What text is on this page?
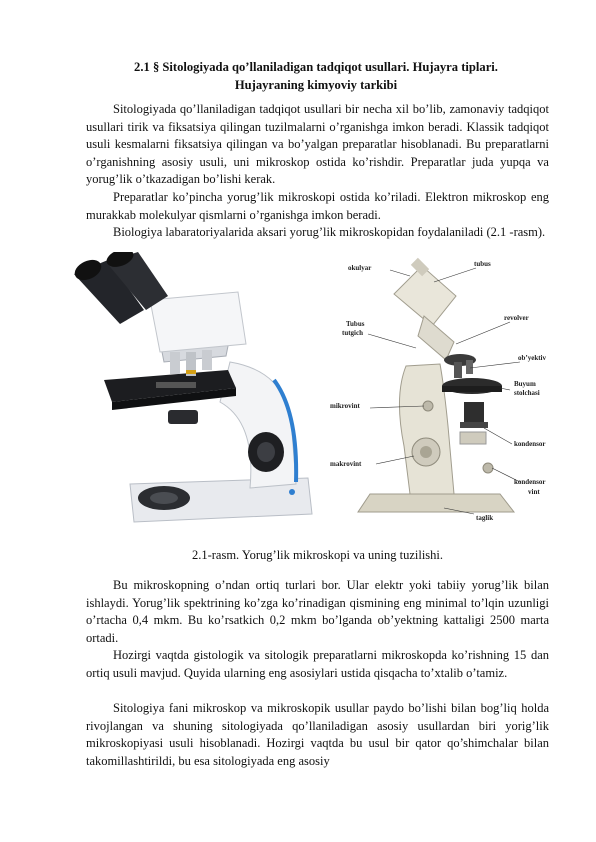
2.1 § Sitologiyada qo’llaniladigan tadqiqot usullari. Hujayra tiplari.
Hujayraning kimyoviy tarkibi

Sitologiyada qo’llaniladigan tadqiqot usullari bir necha xil bo’lib, zamonaviy tadqiqot usullari tirik va fiksatsiya qilingan tuzilmalarni o’rganishga imkon beradi. Klassik tadqiqot usuli kesmalarni fiksatsiya qilingan va bo’yalgan preparatlar hisoblanadi. Bu preparatlarni o’rganishning asosiy usuli, uni mikroskop ostida ko’rishdir. Preparatlar juda yupqa va yorug’lik o’tkazadigan bo’lishi kerak.

Preparatlar ko’pincha yorug’lik mikroskopi ostida ko’riladi. Elektron mikroskop eng murakkab molekulyar qismlarni o’rganishga imkon beradi.

Biologiya labaratoriyalarida aksari yorug’lik mikroskopidan foydalaniladi (2.1 -rasm).

okulyar	tubus
Tubus
tutgich
revolver
ob’yektiv
mikrovint
Buyum
stolchasi
kondensor
makrovint
kondensor
vint
taglik
2.1-rasm. Yorug’lik mikroskopi va uning tuzilishi.

Bu mikroskopning o’ndan ortiq turlari bor. Ular elektr yoki tabiiy yorug’lik bilan ishlaydi. Yorug’lik spektrining ko’zga ko’rinadigan qismining eng minimal to’lqin uzunligi o’rtacha 0,4 mkm. Bu ko’rsatkich 0,2 mkm bo’lganda ob’yektning kattaligi 2500 marta ortadi.

Hozirgi vaqtda gistologik va sitologik preparatlarni mikroskopda ko’rishning 15 dan ortiq usuli mavjud. Quyida ularning eng asosiylari ustida qisqacha to’xtalib o’tamiz.

Sitologiya fani mikroskop va mikroskopik usullar paydo bo’lishi bilan bog’liq holda rivojlangan va shuning sitologiyada qo’llaniladigan asosiy usullardan biri yorig’lik mikroskopiyasi usuli hisoblanadi. Hozirgi vaqtda bu usul bir qator qo’shimchalar bilan takomillashtirildi, bu esa sitologiyada eng asosiy
